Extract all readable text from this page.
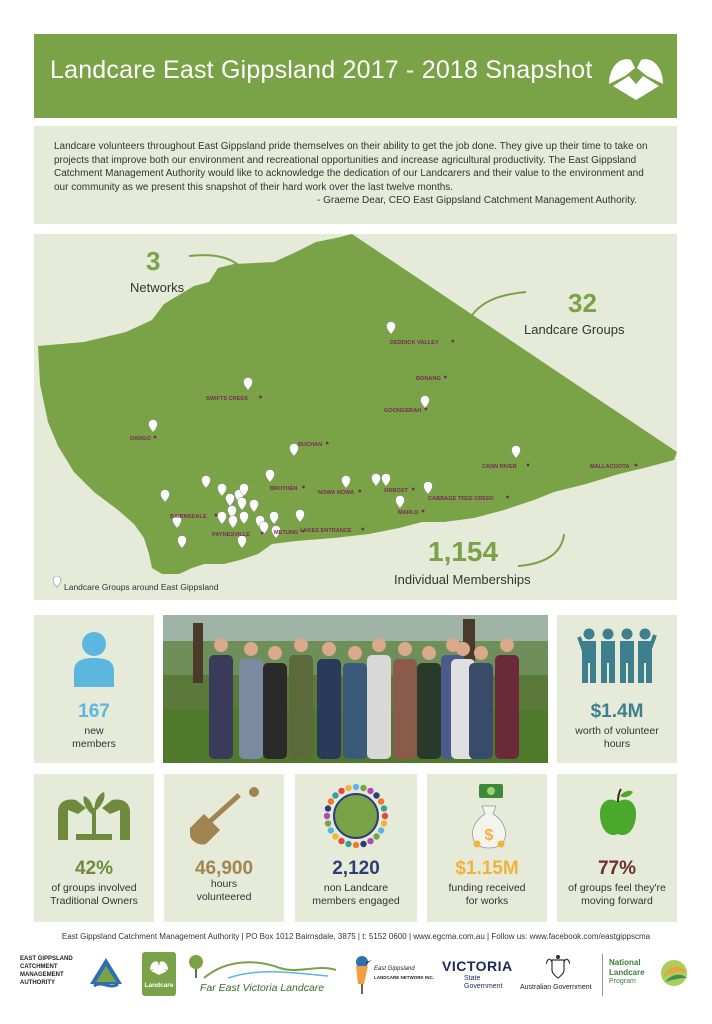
Landcare East Gippsland 2017 - 2018 Snapshot

Landcare volunteers throughout East Gippsland pride themselves on their ability to get the job done. They give up their time to take on projects that improve both our environment and recreational opportunities and increase agricultural productivity. The East Gippsland Catchment Management Authority would like to acknowledge the dedication of our Landcarers and their value to the environment and our community as we present this snapshot of their hard work over the last twelve months.

- Graeme Dear, CEO East Gippsland Catchment Management Authority.

DEDDICK VALLEY
BONANG
GOONGERAH
SWIFTS CREEK
DARGO
BUCHAN
CANN RIVER	MALLACOOTA
BRUTHEN
NOWA NOWA	ORBOST
CABBAGE TREE CREEK
MARLO
BAIRNSDALE
PAYNESVILLE	METUNG LAKES ENTRANCE
3
Networks
32
Landcare Groups
1,154
Individual Memberships
Landcare Groups around East Gippsland
167
new
members
$1.4M
worth of volunteer
hours
42%
of groups involved
Traditional Owners
46,900
hours
volunteered
2,120
non Landcare
members engaged
$
$1.15M
funding received
for works
77%
of groups feel they're
moving forward
East Gippsland Catchment Management Authority | PO Box 1012 Bairnsdale, 3875 | t: 5152 0600 | www.egcma.com.au | Follow us: www.facebook.com/eastgippscma
EAST GIPPSLAND
CATCHMENT
MANAGEMENT
AUTHORITY	Landcare	Far East Victoria Landcare
East Gippsland
LANDCARE NETWORK INC.
VICTORIA
State
Government Australian Government
National
Landcare
Program
